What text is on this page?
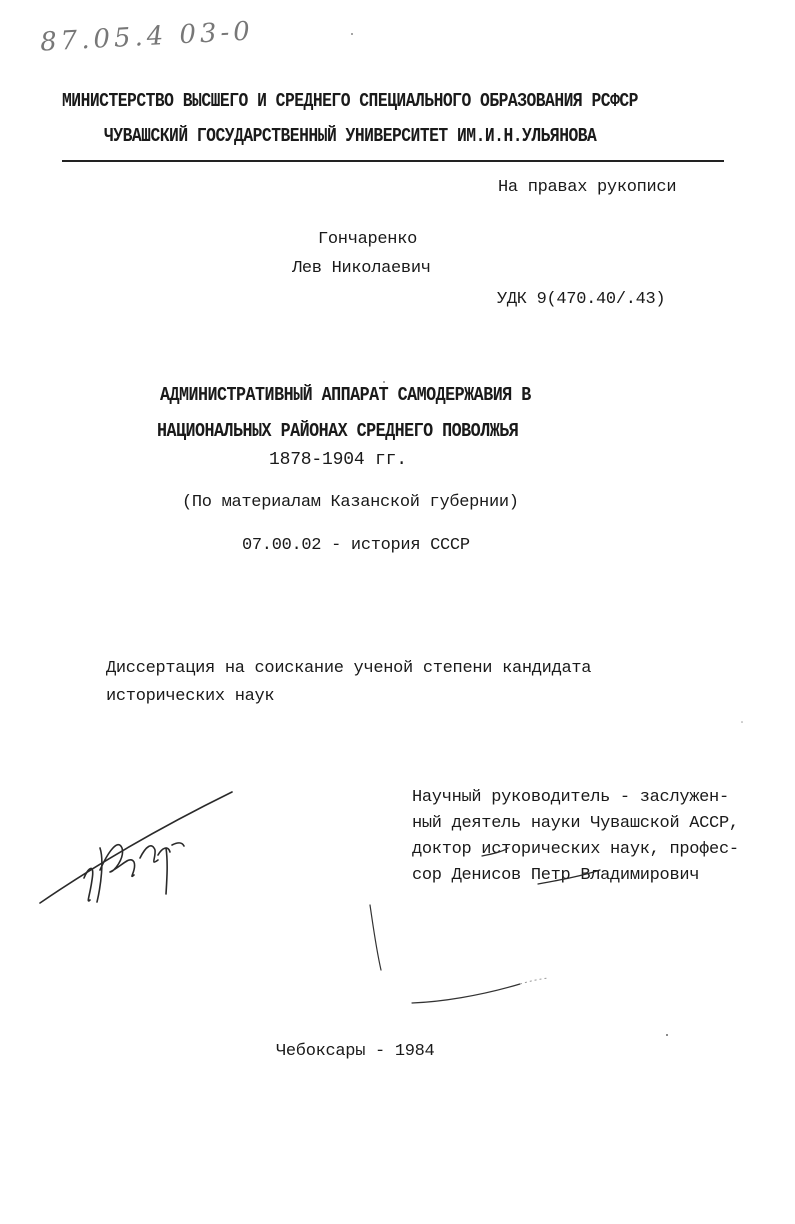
87.05.4 03-0
МИНИСТЕРСТВО ВЫСШЕГО И СРЕДНЕГО СПЕЦИАЛЬНОГО ОБРАЗОВАНИЯ РСФСР
ЧУВАШСКИЙ ГОСУДАРСТВЕННЫЙ УНИВЕРСИТЕТ ИМ.И.Н.УЛЬЯНОВА
На правах рукописи
Гончаренко
Лев Николаевич
УДК 9(470.40/.43)
АДМИНИСТРАТИВНЫЙ АППАРАТ САМОДЕРЖАВИЯ В
НАЦИОНАЛЬНЫХ РАЙОНАХ СРЕДНЕГО ПОВОЛЖЬЯ
1878-1904 гг.
(По материалам Казанской губернии)
07.00.02 - история СССР
Диссертация на соискание ученой степени кандидата
исторических наук
Научный руководитель - заслужен-
ный деятель науки Чувашской АССР,
доктор исторических наук, профес-
сор Денисов Петр Владимирович
Чебоксары - 1984
